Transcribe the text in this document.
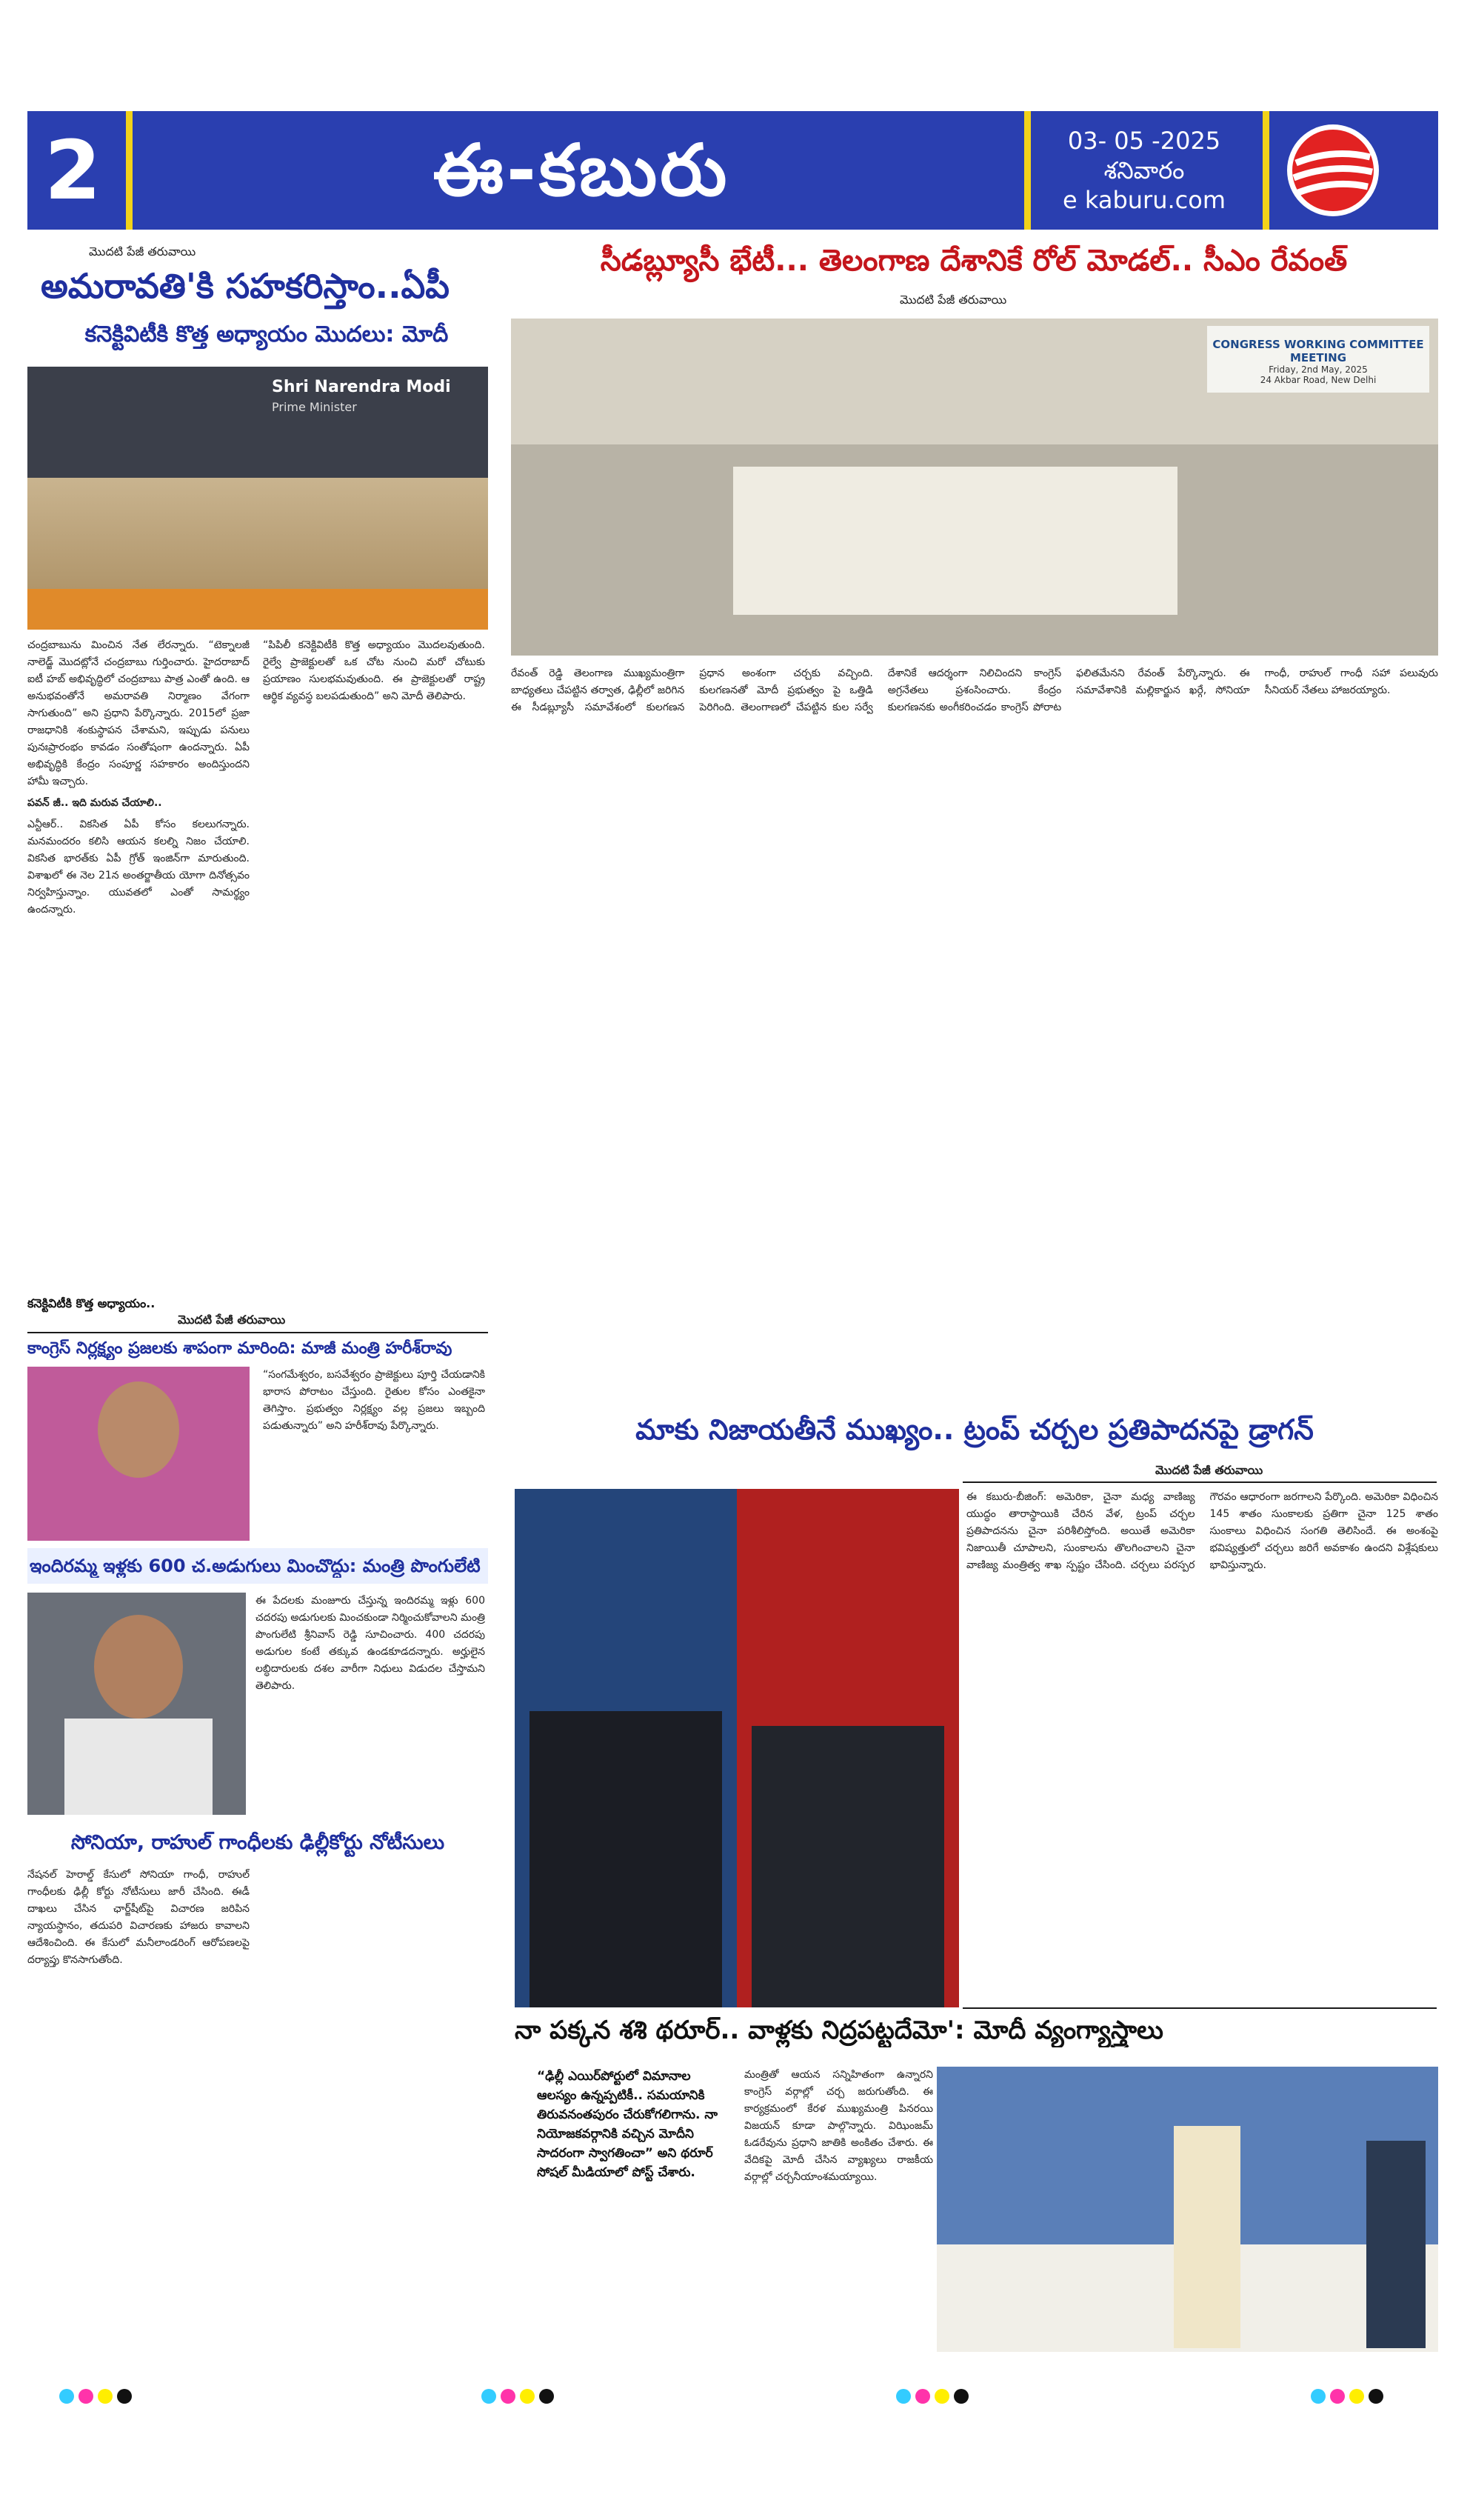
2	ఈ-కబురు	03- 05 -2025
శనివారం
e kaburu.com
మొదటి పేజీ తరువాయి
అమరావతి'కి సహకరిస్తాం..ఏపీ
కనెక్టివిటీకి కొత్త అధ్యాయం మొదలు: మోదీ
Shri Narendra Modi
Prime Minister

చంద్రబాబును మించిన నేత లేరన్నారు. “టెక్నాలజీ నాలెడ్జ్ మొదట్లోనే చంద్రబాబు గుర్తించారు. హైదరాబాద్ ఐటీ హబ్ అభివృద్ధిలో చంద్రబాబు పాత్ర ఎంతో ఉంది. ఆ అనుభవంతోనే అమరావతి నిర్మాణం వేగంగా సాగుతుంది” అని ప్రధాని పేర్కొన్నారు. 2015లో ప్రజా రాజధానికి శంకుస్థాపన చేశామని, ఇప్పుడు పనులు పునఃప్రారంభం కావడం సంతోషంగా ఉందన్నారు. ఏపీ అభివృద్ధికి కేంద్రం సంపూర్ణ సహకారం అందిస్తుందని హామీ ఇచ్చారు.

పవన్ జీ.. ఇది మరువ చేయాలి..

ఎన్టీఆర్.. వికసిత ఏపీ కోసం కలలుగన్నారు. మనమందరం కలిసి ఆయన కలల్ని నిజం చేయాలి. వికసిత భారత్‌కు ఏపీ గ్రోత్ ఇంజిన్‌గా మారుతుంది. విశాఖలో ఈ నెల 21న అంతర్జాతీయ యోగా దినోత్సవం నిర్వహిస్తున్నాం. యువతలో ఎంతో సామర్థ్యం ఉందన్నారు.

“పిపిలీ కనెక్టివిటీకి కొత్త అధ్యాయం మొదలవుతుంది. రైల్వే ప్రాజెక్టులతో ఒక చోట నుంచి మరో చోటుకు ప్రయాణం సులభమవుతుంది. ఈ ప్రాజెక్టులతో రాష్ట్ర ఆర్థిక వ్యవస్థ బలపడుతుంది” అని మోదీ తెలిపారు.

కనెక్టివిటీకి కొత్త అధ్యాయం..
మొదటి పేజీ తరువాయి
కాంగ్రెస్ నిర్లక్ష్యం ప్రజలకు శాపంగా మారింది: మాజీ మంత్రి హరీశ్‌రావు
“సంగమేశ్వరం, బసవేశ్వరం ప్రాజెక్టులు పూర్తి చేయడానికి భారాస పోరాటం చేస్తుంది. రైతుల కోసం ఎంతకైనా తెగిస్తాం. ప్రభుత్వం నిర్లక్ష్యం వల్ల ప్రజలు ఇబ్బంది పడుతున్నారు” అని హరీశ్‌రావు పేర్కొన్నారు.
ఇందిరమ్మ ఇళ్లకు 600 చ.అడుగులు మించొద్దు: మంత్రి పొంగులేటి
ఈ పేదలకు మంజూరు చేస్తున్న ఇందిరమ్మ ఇళ్లు 600 చదరపు అడుగులకు మించకుండా నిర్మించుకోవాలని మంత్రి పొంగులేటి శ్రీనివాస్ రెడ్డి సూచించారు. 400 చదరపు అడుగుల కంటే తక్కువ ఉండకూడదన్నారు. అర్హులైన లబ్ధిదారులకు దశల వారీగా నిధులు విడుదల చేస్తామని తెలిపారు.
సోనియా, రాహుల్ గాంధీలకు ఢిల్లీకోర్టు నోటీసులు
నేషనల్ హెరాల్డ్ కేసులో సోనియా గాంధీ, రాహుల్ గాంధీలకు ఢిల్లీ కోర్టు నోటీసులు జారీ చేసింది. ఈడీ దాఖలు చేసిన ఛార్జ్‌షీట్‌పై విచారణ జరిపిన న్యాయస్థానం, తదుపరి విచారణకు హాజరు కావాలని ఆదేశించింది. ఈ కేసులో మనీలాండరింగ్ ఆరోపణలపై దర్యాప్తు కొనసాగుతోంది.
సీడబ్ల్యూసీ భేటీ... తెలంగాణ దేశానికే రోల్ మోడల్.. సీఎం రేవంత్
మొదటి పేజీ తరువాయి
CONGRESS WORKING COMMITTEE MEETING
Friday, 2nd May, 2025
24 Akbar Road, New Delhi

రేవంత్ రెడ్డి తెలంగాణ ముఖ్యమంత్రిగా బాధ్యతలు చేపట్టిన తర్వాత, ఢిల్లీలో జరిగిన ఈ సీడబ్ల్యూసీ సమావేశంలో కులగణన ప్రధాన అంశంగా చర్చకు వచ్చింది. కులగణనతో మోదీ ప్రభుత్వం పై ఒత్తిడి పెరిగింది. తెలంగాణలో చేపట్టిన కుల సర్వే దేశానికే ఆదర్శంగా నిలిచిందని కాంగ్రెస్ అగ్రనేతలు ప్రశంసించారు. కేంద్రం కులగణనకు అంగీకరించడం కాంగ్రెస్ పోరాట ఫలితమేనని రేవంత్ పేర్కొన్నారు. ఈ సమావేశానికి మల్లికార్జున ఖర్గే, సోనియా గాంధీ, రాహుల్ గాంధీ సహా పలువురు సీనియర్ నేతలు హాజరయ్యారు.

మాకు నిజాయతీనే ముఖ్యం.. ట్రంప్ చర్చల ప్రతిపాదనపై డ్రాగన్
మొదటి పేజీ తరువాయి
ఈ కబురు-బీజింగ్: అమెరికా, చైనా మధ్య వాణిజ్య యుద్ధం తారాస్థాయికి చేరిన వేళ, ట్రంప్ చర్చల ప్రతిపాదనను చైనా పరిశీలిస్తోంది. అయితే అమెరికా నిజాయితీ చూపాలని, సుంకాలను తొలగించాలని చైనా వాణిజ్య మంత్రిత్వ శాఖ స్పష్టం చేసింది. చర్చలు పరస్పర గౌరవం ఆధారంగా జరగాలని పేర్కొంది. అమెరికా విధించిన 145 శాతం సుంకాలకు ప్రతిగా చైనా 125 శాతం సుంకాలు విధించిన సంగతి తెలిసిందే. ఈ అంశంపై భవిష్యత్తులో చర్చలు జరిగే అవకాశం ఉందని విశ్లేషకులు భావిస్తున్నారు.
నా పక్కన శశి థరూర్.. వాళ్లకు నిద్రపట్టదేమో': మోదీ వ్యంగ్యాస్త్రాలు
“ఢిల్లీ ఎయిర్‌పోర్టులో విమానాల ఆలస్యం ఉన్నప్పటికీ.. సమయానికి తిరువనంతపురం చేరుకోగలిగాను. నా నియోజకవర్గానికి వచ్చిన మోదీని సాదరంగా స్వాగతించా” అని థరూర్ సోషల్ మీడియాలో పోస్ట్ చేశారు.
మంత్రితో ఆయన సన్నిహితంగా ఉన్నారని కాంగ్రెస్ వర్గాల్లో చర్చ జరుగుతోంది. ఈ కార్యక్రమంలో కేరళ ముఖ్యమంత్రి పినరయి విజయన్ కూడా పాల్గొన్నారు. విఝింజమ్ ఓడరేవును ప్రధాని జాతికి అంకితం చేశారు. ఈ వేదికపై మోదీ చేసిన వ్యాఖ్యలు రాజకీయ వర్గాల్లో చర్చనీయాంశమయ్యాయి.
